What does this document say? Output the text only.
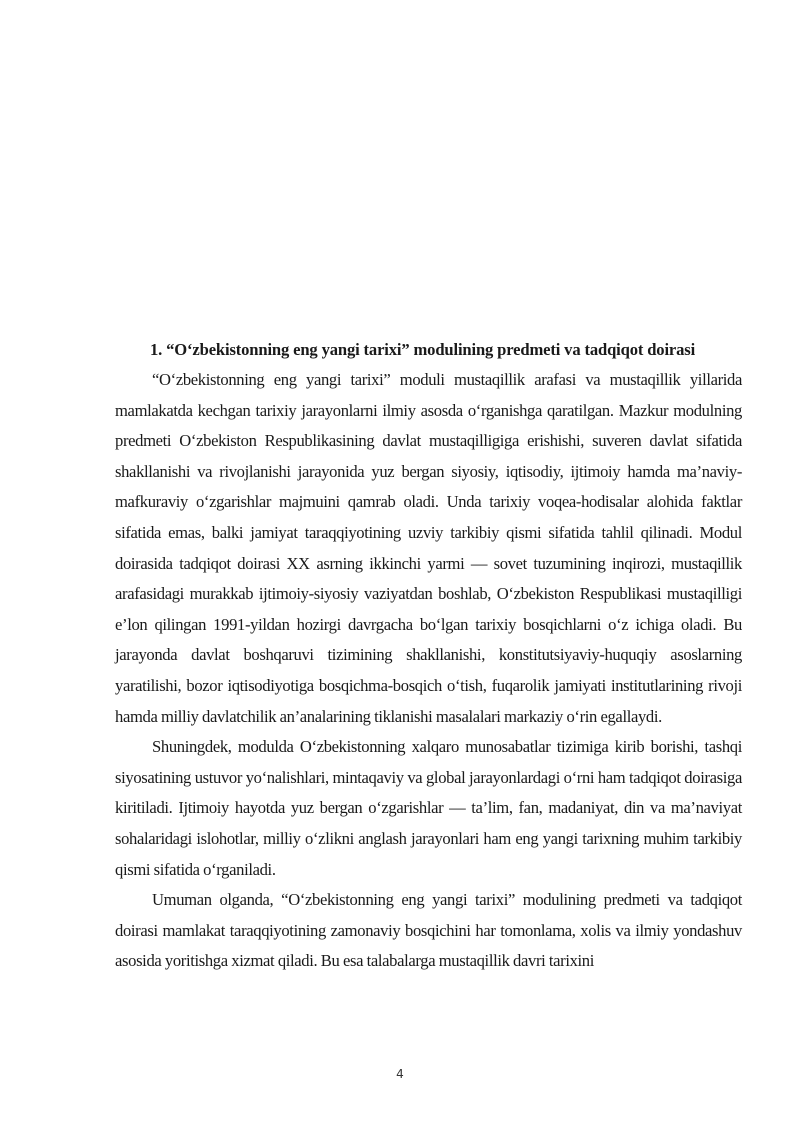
1. “O‘zbekistonning eng yangi tarixi” modulining predmeti va tadqiqot doirasi

“O‘zbekistonning eng yangi tarixi” moduli mustaqillik arafasi va mustaqillik yillarida mamlakatda kechgan tarixiy jarayonlarni ilmiy asosda o‘rganishga qaratilgan. Mazkur modulning predmeti O‘zbekiston Respublikasining davlat mustaqilligiga erishishi, suveren davlat sifatida shakllanishi va rivojlanishi jarayonida yuz bergan siyosiy, iqtisodiy, ijtimoiy hamda ma’naviy-mafkuraviy o‘zgarishlar majmuini qamrab oladi. Unda tarixiy voqea-hodisalar alohida faktlar sifatida emas, balki jamiyat taraqqiyotining uzviy tarkibiy qismi sifatida tahlil qilinadi. Modul doirasida tadqiqot doirasi XX asrning ikkinchi yarmi — sovet tuzumining inqirozi, mustaqillik arafasidagi murakkab ijtimoiy-siyosiy vaziyatdan boshlab, O‘zbekiston Respublikasi mustaqilligi e’lon qilingan 1991-yildan hozirgi davrgacha bo‘lgan tarixiy bosqichlarni o‘z ichiga oladi. Bu jarayonda davlat boshqaruvi tizimining shakllanishi, konstitutsiyaviy-huquqiy asoslarning yaratilishi, bozor iqtisodiyotiga bosqichma-bosqich o‘tish, fuqarolik jamiyati institutlarining rivoji hamda milliy davlatchilik an’analarining tiklanishi masalalari markaziy o‘rin egallaydi.

Shuningdek, modulda O‘zbekistonning xalqaro munosabatlar tizimiga kirib borishi, tashqi siyosatining ustuvor yo‘nalishlari, mintaqaviy va global jarayonlardagi o‘rni ham tadqiqot doirasiga kiritiladi. Ijtimoiy hayotda yuz bergan o‘zgarishlar — ta’lim, fan, madaniyat, din va ma’naviyat sohalaridagi islohotlar, milliy o‘zlikni anglash jarayonlari ham eng yangi tarixning muhim tarkibiy qismi sifatida o‘rganiladi.

Umuman olganda, “O‘zbekistonning eng yangi tarixi” modulining predmeti va tadqiqot doirasi mamlakat taraqqiyotining zamonaviy bosqichini har tomonlama, xolis va ilmiy yondashuv asosida yoritishga xizmat qiladi. Bu esa talabalarga mustaqillik davri tarixini

4
